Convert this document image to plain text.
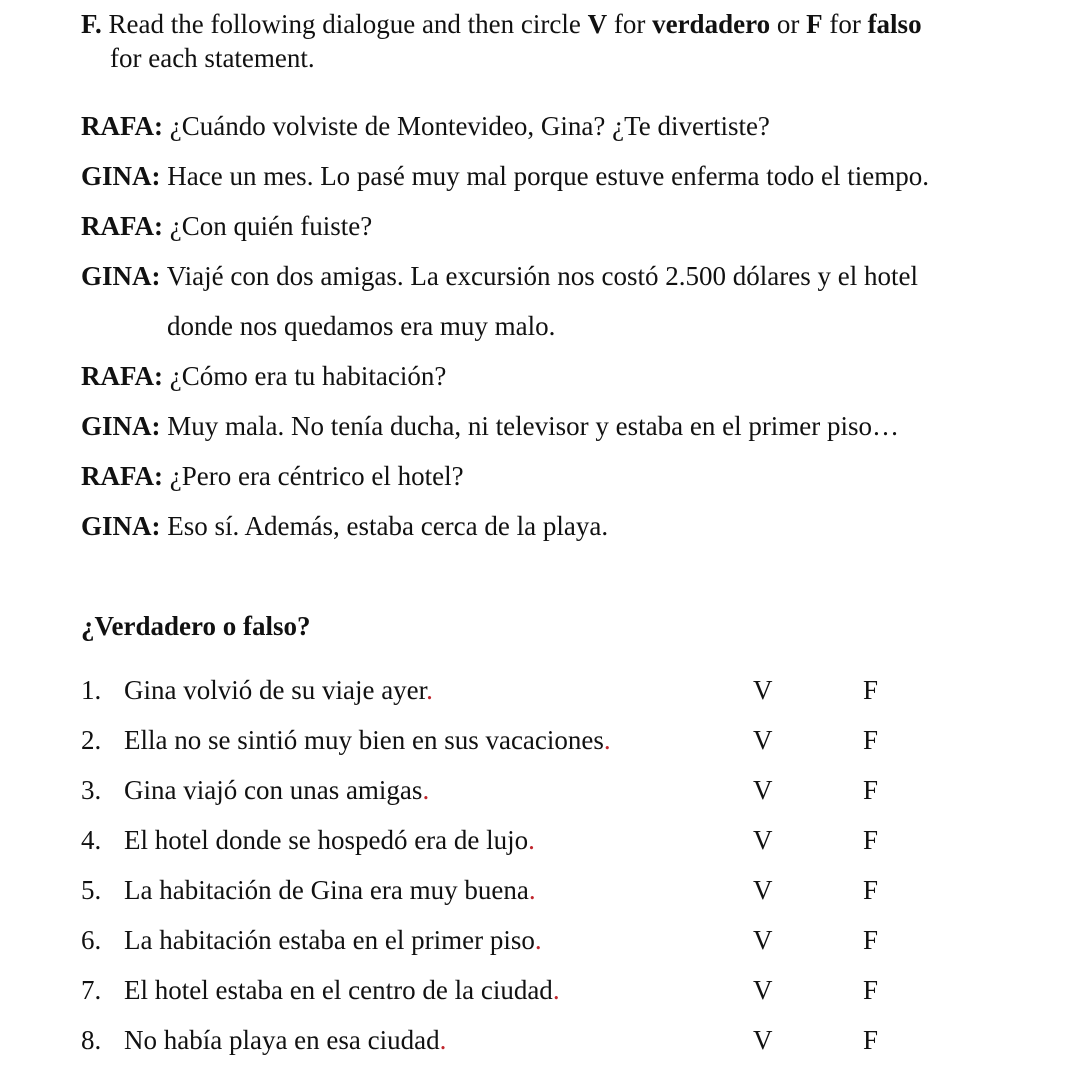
F. Read the following dialogue and then circle V for verdadero or F for falso
for each statement.
RAFA: ¿Cuándo volviste de Montevideo, Gina? ¿Te divertiste?
GINA: Hace un mes. Lo pasé muy mal porque estuve enferma todo el tiempo.
RAFA: ¿Con quién fuiste?
GINA: Viajé con dos amigas. La excursión nos costó 2.500 dólares y el hotel
donde nos quedamos era muy malo.
RAFA: ¿Cómo era tu habitación?
GINA: Muy mala. No tenía ducha, ni televisor y estaba en el primer piso…
RAFA: ¿Pero era céntrico el hotel?
GINA: Eso sí. Además, estaba cerca de la playa.
¿Verdadero o falso?
1. Gina volvió de su viaje ayer.	V	F
2. Ella no se sintió muy bien en sus vacaciones.	V	F
3. Gina viajó con unas amigas.	V	F
4. El hotel donde se hospedó era de lujo.	V	F
5. La habitación de Gina era muy buena.	V	F
6. La habitación estaba en el primer piso.	V	F
7. El hotel estaba en el centro de la ciudad.	V	F
8. No había playa en esa ciudad.	V	F
